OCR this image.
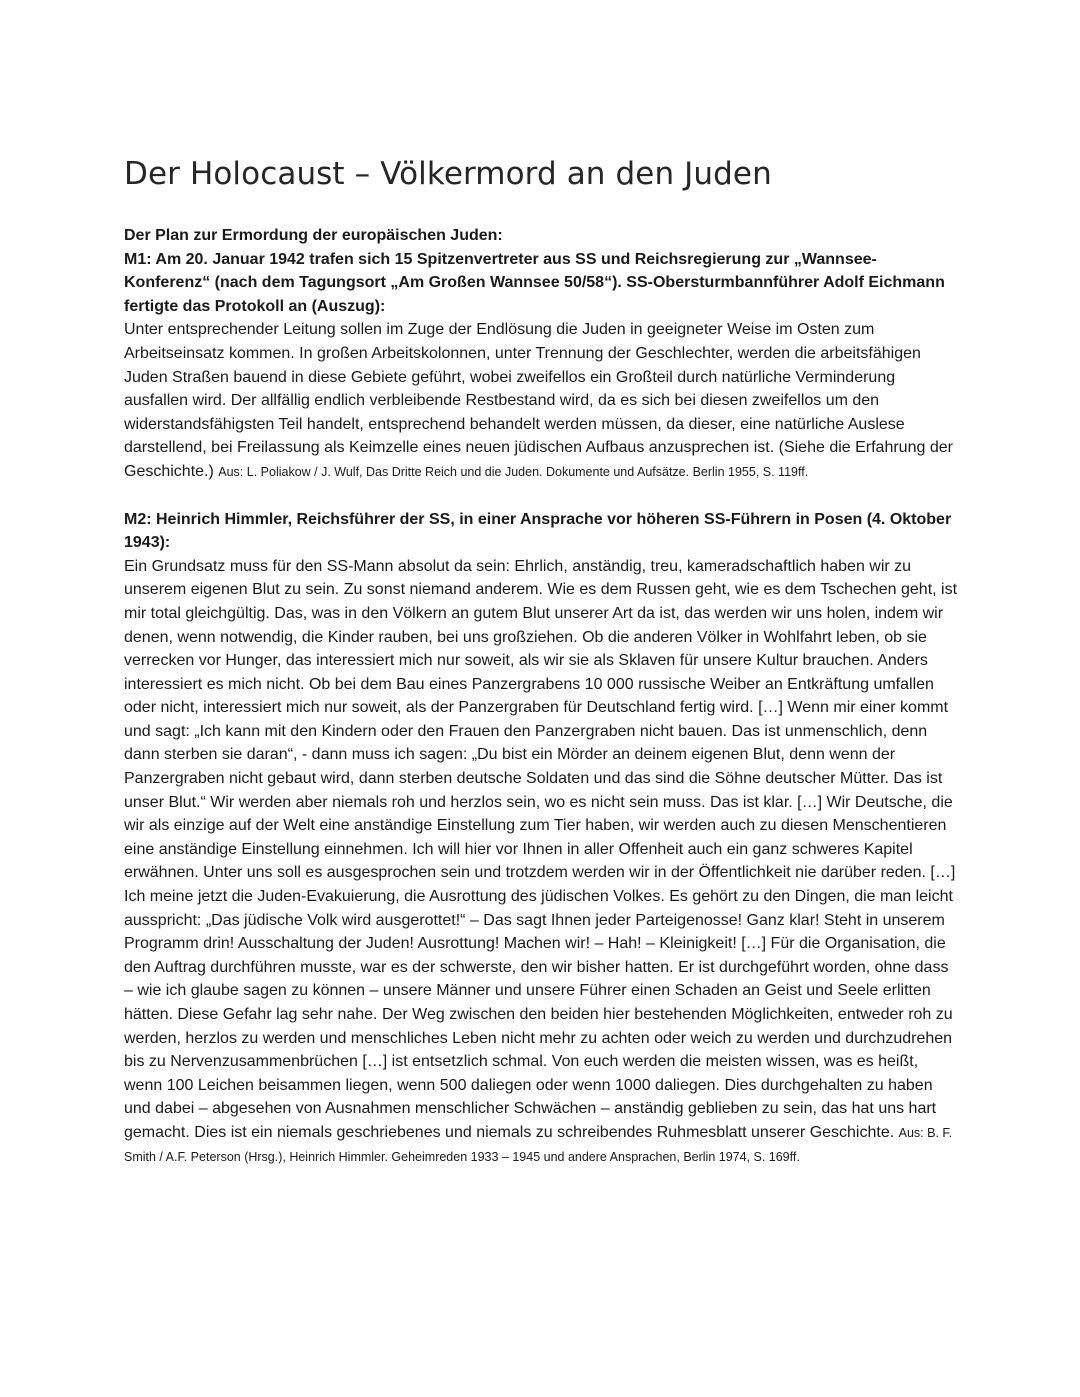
Der Holocaust – Völkermord an den Juden

Der Plan zur Ermordung der europäischen Juden:

M1: Am 20. Januar 1942 trafen sich 15 Spitzenvertreter aus SS und Reichsregierung zur „Wannsee-Konferenz“ (nach dem Tagungsort „Am Großen Wannsee 50/58“). SS-Obersturmbannführer Adolf Eichmann fertigte das Protokoll an (Auszug):

Unter entsprechender Leitung sollen im Zuge der Endlösung die Juden in geeigneter Weise im Osten zum Arbeitseinsatz kommen. In großen Arbeitskolonnen, unter Trennung der Geschlechter, werden die arbeitsfähigen Juden Straßen bauend in diese Gebiete geführt, wobei zweifellos ein Großteil durch natürliche Verminderung ausfallen wird. Der allfällig endlich verbleibende Restbestand wird, da es sich bei diesen zweifellos um den widerstandsfähigsten Teil handelt, entsprechend behandelt werden müssen, da dieser, eine natürliche Auslese darstellend, bei Freilassung als Keimzelle eines neuen jüdischen Aufbaus anzusprechen ist. (Siehe die Erfahrung der Geschichte.) Aus: L. Poliakow / J. Wulf, Das Dritte Reich und die Juden. Dokumente und Aufsätze. Berlin 1955, S. 119ff.

M2: Heinrich Himmler, Reichsführer der SS, in einer Ansprache vor höheren SS-Führern in Posen (4. Oktober 1943):

Ein Grundsatz muss für den SS-Mann absolut da sein: Ehrlich, anständig, treu, kameradschaftlich haben wir zu unserem eigenen Blut zu sein. Zu sonst niemand anderem. Wie es dem Russen geht, wie es dem Tschechen geht, ist mir total gleichgültig. Das, was in den Völkern an gutem Blut unserer Art da ist, das werden wir uns holen, indem wir denen, wenn notwendig, die Kinder rauben, bei uns großziehen. Ob die anderen Völker in Wohlfahrt leben, ob sie verrecken vor Hunger, das interessiert mich nur soweit, als wir sie als Sklaven für unsere Kultur brauchen. Anders interessiert es mich nicht. Ob bei dem Bau eines Panzergrabens 10 000 russische Weiber an Entkräftung umfallen oder nicht, interessiert mich nur soweit, als der Panzergraben für Deutschland fertig wird. […] Wenn mir einer kommt und sagt: „Ich kann mit den Kindern oder den Frauen den Panzergraben nicht bauen. Das ist unmenschlich, denn dann sterben sie daran“, - dann muss ich sagen: „Du bist ein Mörder an deinem eigenen Blut, denn wenn der Panzergraben nicht gebaut wird, dann sterben deutsche Soldaten und das sind die Söhne deutscher Mütter. Das ist unser Blut.“ Wir werden aber niemals roh und herzlos sein, wo es nicht sein muss. Das ist klar. […] Wir Deutsche, die wir als einzige auf der Welt eine anständige Einstellung zum Tier haben, wir werden auch zu diesen Menschentieren eine anständige Einstellung einnehmen. Ich will hier vor Ihnen in aller Offenheit auch ein ganz schweres Kapitel erwähnen. Unter uns soll es ausgesprochen sein und trotzdem werden wir in der Öffentlichkeit nie darüber reden. […] Ich meine jetzt die Juden-Evakuierung, die Ausrottung des jüdischen Volkes. Es gehört zu den Dingen, die man leicht ausspricht: „Das jüdische Volk wird ausgerottet!“ – Das sagt Ihnen jeder Parteigenosse! Ganz klar! Steht in unserem Programm drin! Ausschaltung der Juden! Ausrottung! Machen wir! – Hah! – Kleinigkeit! […] Für die Organisation, die den Auftrag durchführen musste, war es der schwerste, den wir bisher hatten. Er ist durchgeführt worden, ohne dass – wie ich glaube sagen zu können – unsere Männer und unsere Führer einen Schaden an Geist und Seele erlitten hätten. Diese Gefahr lag sehr nahe. Der Weg zwischen den beiden hier bestehenden Möglichkeiten, entweder roh zu werden, herzlos zu werden und menschliches Leben nicht mehr zu achten oder weich zu werden und durchzudrehen bis zu Nervenzusammenbrüchen […] ist entsetzlich schmal. Von euch werden die meisten wissen, was es heißt, wenn 100 Leichen beisammen liegen, wenn 500 daliegen oder wenn 1000 daliegen. Dies durchgehalten zu haben und dabei – abgesehen von Ausnahmen menschlicher Schwächen – anständig geblieben zu sein, das hat uns hart gemacht. Dies ist ein niemals geschriebenes und niemals zu schreibendes Ruhmesblatt unserer Geschichte. Aus: B. F. Smith / A.F. Peterson (Hrsg.), Heinrich Himmler. Geheimreden 1933 – 1945 und andere Ansprachen, Berlin 1974, S. 169ff.
